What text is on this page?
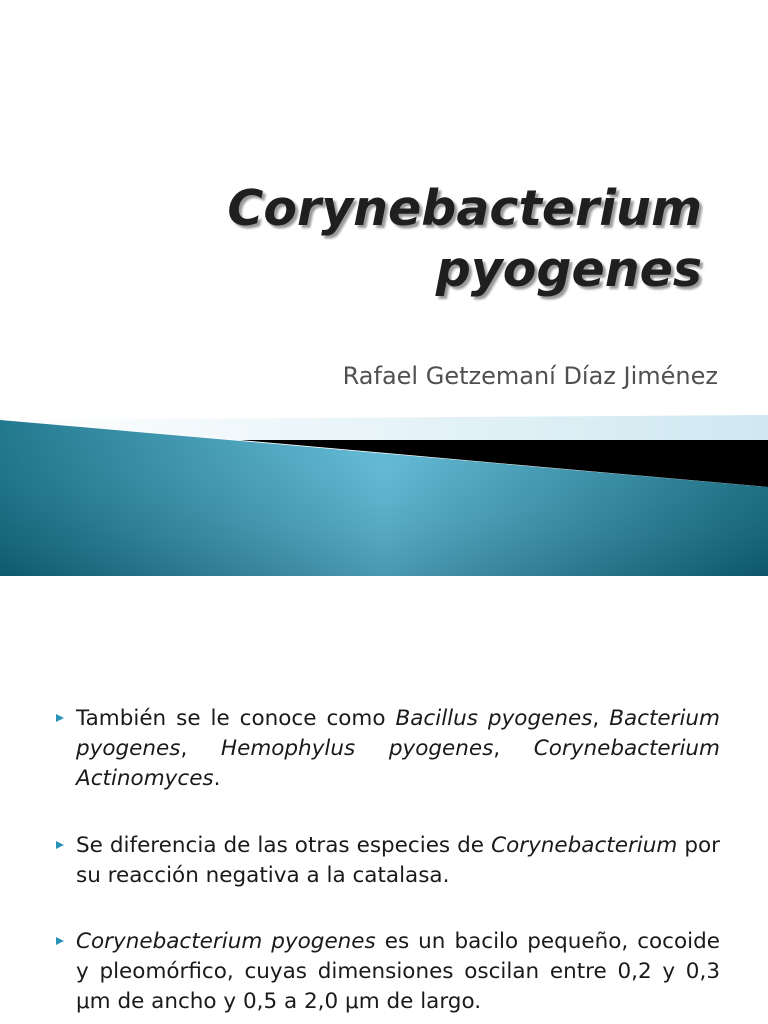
Corynebacterium
pyogenes

Rafael Getzemaní Díaz Jiménez

También se le conoce como Bacillus pyogenes, Bacterium pyogenes, Hemophylus pyogenes, Corynebacterium Actinomyces.
Se diferencia de las otras especies de Corynebacterium por su reacción negativa a la catalasa.
Corynebacterium pyogenes es un bacilo pequeño, cocoide y pleomórfico, cuyas dimensiones oscilan entre 0,2 y 0,3 μm de ancho y 0,5 a 2,0 μm de largo.
